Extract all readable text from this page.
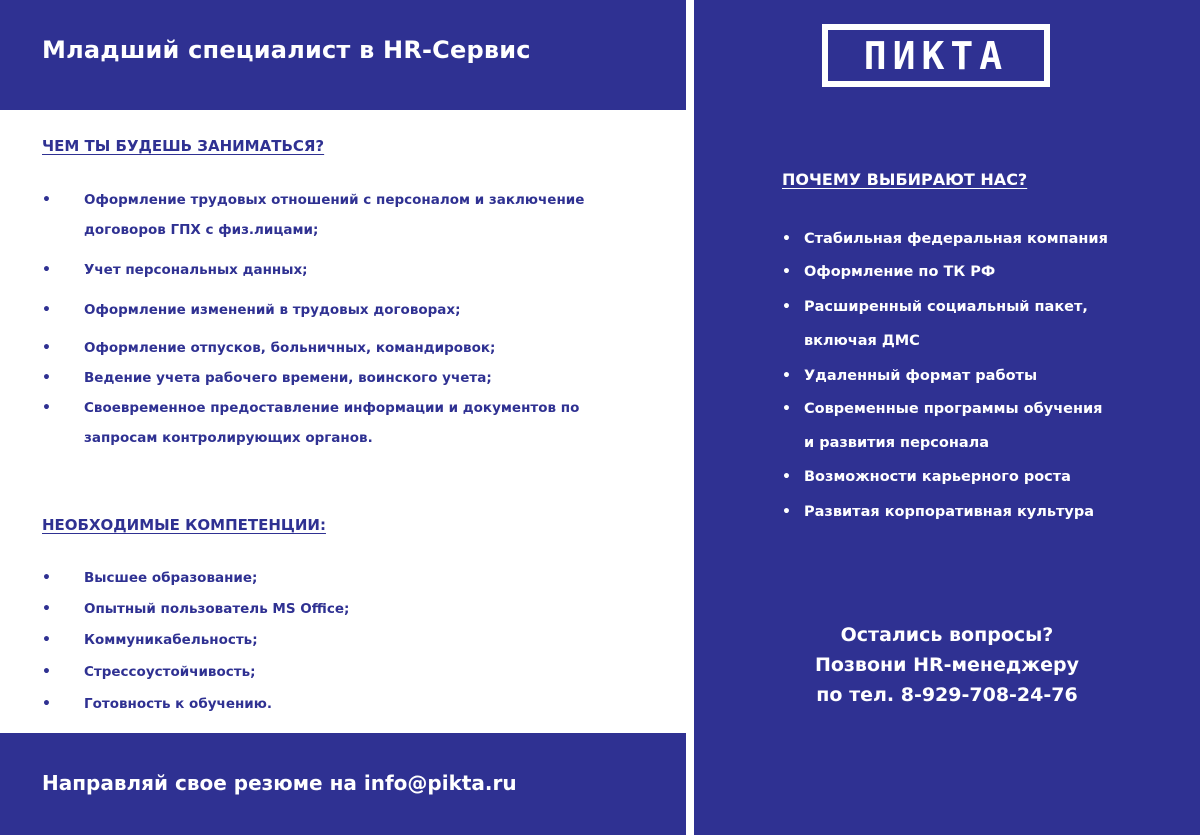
Младший специалист в HR-Сервис
ЧЕМ ТЫ БУДЕШЬ ЗАНИМАТЬСЯ?
• Оформление трудовых отношений с персоналом и заключение
договоров ГПХ с физ.лицами;
• Учет персональных данных;
• Оформление изменений в трудовых договорах;
• Оформление отпусков, больничных, командировок;
• Ведение учета рабочего времени, воинского учета;
• Своевременное предоставление информации и документов по
запросам контролирующих органов.
НЕОБХОДИМЫЕ КОМПЕТЕНЦИИ:
• Высшее образование;
• Опытный пользователь MS Office;
• Коммуникабельность;
• Стрессоустойчивость;
• Готовность к обучению.
Направляй свое резюме на info@pikta.ru
ПИКТА
ПОЧЕМУ ВЫБИРАЮТ НАС?
• Стабильная федеральная компания
• Оформление по ТК РФ
• Расширенный социальный пакет,
включая ДМС
• Удаленный формат работы
• Современные программы обучения
и развития персонала
• Возможности карьерного роста
• Развитая корпоративная культура
Остались вопросы?
Позвони HR-менеджеру
по тел. 8-929-708-24-76
